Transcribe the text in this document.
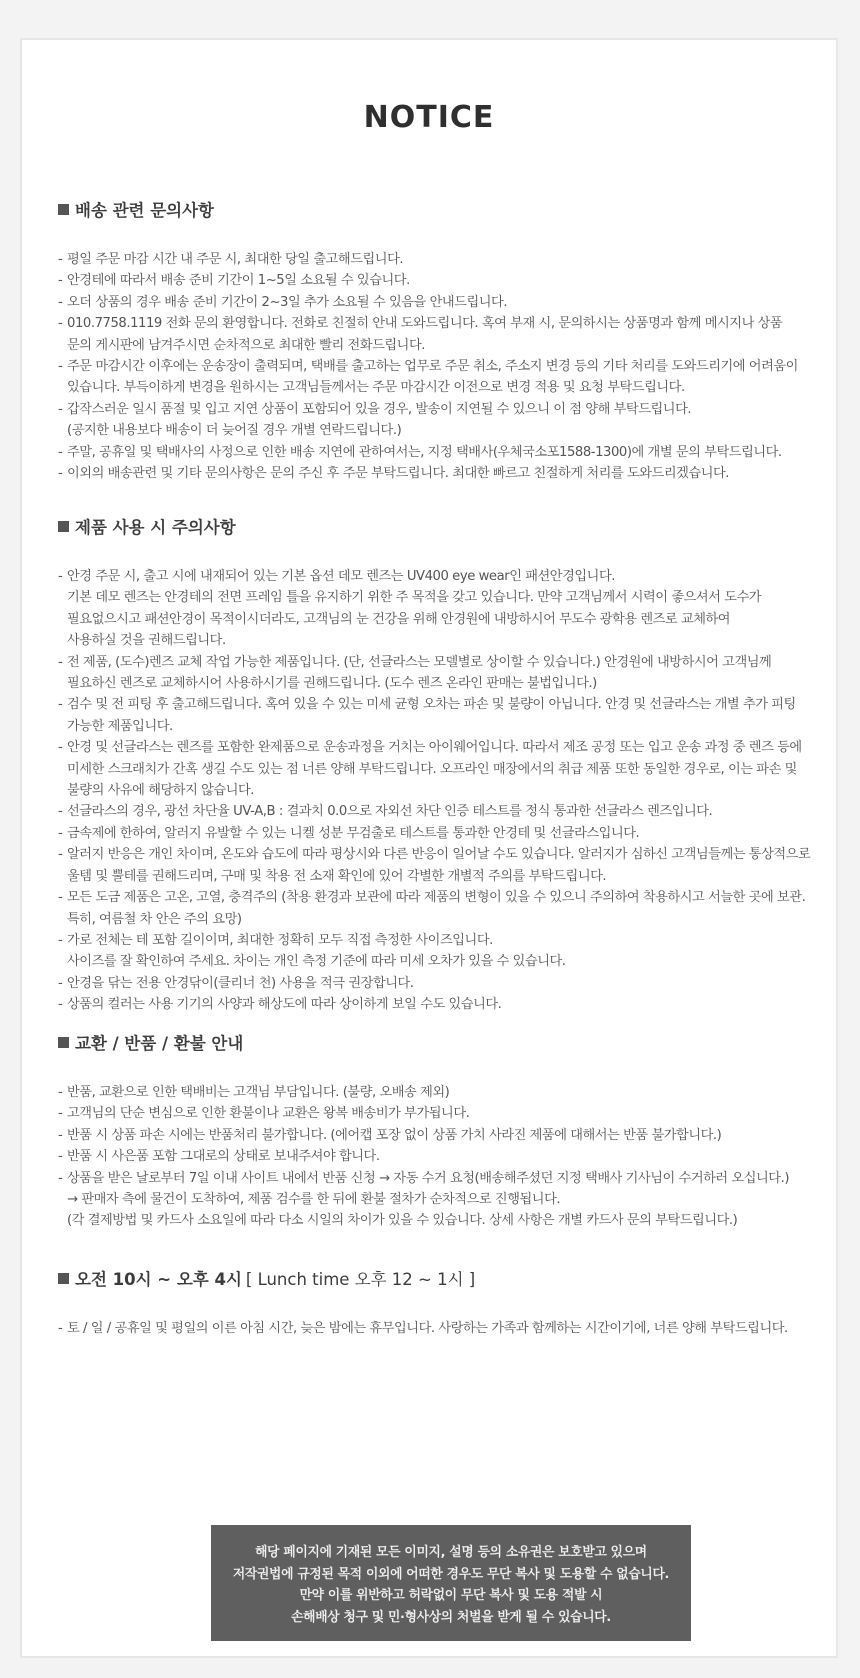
NOTICE
배송 관련 문의사항
- 평일 주문 마감 시간 내 주문 시, 최대한 당일 출고해드립니다.
- 안경테에 따라서 배송 준비 기간이 1~5일 소요될 수 있습니다.
- 오더 상품의 경우 배송 준비 기간이 2~3일 추가 소요될 수 있음을 안내드립니다.
- 010.7758.1119 전화 문의 환영합니다. 전화로 친절히 안내 도와드립니다. 혹여 부재 시, 문의하시는 상품명과 함께 메시지나 상품
문의 게시판에 남겨주시면 순차적으로 최대한 빨리 전화드립니다.
- 주문 마감시간 이후에는 운송장이 출력되며, 택배를 출고하는 업무로 주문 취소, 주소지 변경 등의 기타 처리를 도와드리기에 어려움이
있습니다. 부득이하게 변경을 원하시는 고객님들께서는 주문 마감시간 이전으로 변경 적용 및 요청 부탁드립니다.
- 갑작스러운 일시 품절 및 입고 지연 상품이 포함되어 있을 경우, 발송이 지연될 수 있으니 이 점 양해 부탁드립니다.
(공지한 내용보다 배송이 더 늦어질 경우 개별 연락드립니다.)
- 주말, 공휴일 및 택배사의 사정으로 인한 배송 지연에 관하여서는, 지정 택배사(우체국소포1588-1300)에 개별 문의 부탁드립니다.
- 이외의 배송관련 및 기타 문의사항은 문의 주신 후 주문 부탁드립니다. 최대한 빠르고 친절하게 처리를 도와드리겠습니다.
제품 사용 시 주의사항
- 안경 주문 시, 출고 시에 내재되어 있는 기본 옵션 데모 렌즈는 UV400 eye wear인 패션안경입니다.
기본 데모 렌즈는 안경테의 전면 프레임 틀을 유지하기 위한 주 목적을 갖고 있습니다. 만약 고객님께서 시력이 좋으셔서 도수가
필요없으시고 패션안경이 목적이시더라도, 고객님의 눈 건강을 위해 안경원에 내방하시어 무도수 광학용 렌즈로 교체하여
사용하실 것을 권해드립니다.
- 전 제품, (도수)렌즈 교체 작업 가능한 제품입니다. (단, 선글라스는 모델별로 상이할 수 있습니다.) 안경원에 내방하시어 고객님께
필요하신 렌즈로 교체하시어 사용하시기를 권해드립니다. (도수 렌즈 온라인 판매는 불법입니다.)
- 검수 및 전 피팅 후 출고해드립니다. 혹여 있을 수 있는 미세 균형 오차는 파손 및 불량이 아닙니다. 안경 및 선글라스는 개별 추가 피팅
가능한 제품입니다.
- 안경 및 선글라스는 렌즈를 포함한 완제품으로 운송과정을 거치는 아이웨어입니다. 따라서 제조 공정 또는 입고 운송 과정 중 렌즈 등에
미세한 스크래치가 간혹 생길 수도 있는 점 너른 양해 부탁드립니다. 오프라인 매장에서의 취급 제품 또한 동일한 경우로, 이는 파손 및
불량의 사유에 해당하지 않습니다.
- 선글라스의 경우, 광선 차단율 UV-A,B : 결과치 0.0으로 자외선 차단 인증 테스트를 정식 통과한 선글라스 렌즈입니다.
- 금속제에 한하여, 알러지 유발할 수 있는 니켈 성분 무검출로 테스트를 통과한 안경테 및 선글라스입니다.
- 알러지 반응은 개인 차이며, 온도와 습도에 따라 평상시와 다른 반응이 일어날 수도 있습니다. 알러지가 심하신 고객님들께는 통상적으로
울템 및 뿔테를 권해드리며, 구매 및 착용 전 소재 확인에 있어 각별한 개별적 주의를 부탁드립니다.
- 모든 도금 제품은 고온, 고열, 충격주의 (착용 환경과 보관에 따라 제품의 변형이 있을 수 있으니 주의하여 착용하시고 서늘한 곳에 보관.
특히, 여름철 차 안은 주의 요망)
- 가로 전체는 테 포함 길이이며, 최대한 정확히 모두 직접 측정한 사이즈입니다.
사이즈를 잘 확인하여 주세요. 차이는 개인 측정 기준에 따라 미세 오차가 있을 수 있습니다.
- 안경을 닦는 전용 안경닦이(클리너 천) 사용을 적극 권장합니다.
- 상품의 컬러는 사용 기기의 사양과 해상도에 따라 상이하게 보일 수도 있습니다.
교환 / 반품 / 환불 안내
- 반품, 교환으로 인한 택배비는 고객님 부담입니다. (불량, 오배송 제외)
- 고객님의 단순 변심으로 인한 환불이나 교환은 왕복 배송비가 부가됩니다.
- 반품 시 상품 파손 시에는 반품처리 불가합니다. (에어캡 포장 없이 상품 가치 사라진 제품에 대해서는 반품 불가합니다.)
- 반품 시 사은품 포함 그대로의 상태로 보내주셔야 합니다.
- 상품을 받은 날로부터 7일 이내 사이트 내에서 반품 신청 → 자동 수거 요청(배송해주셨던 지정 택배사 기사님이 수거하러 오십니다.)
→ 판매자 측에 물건이 도착하여, 제품 검수를 한 뒤에 환불 절차가 순차적으로 진행됩니다.
(각 결제방법 및 카드사 소요일에 따라 다소 시일의 차이가 있을 수 있습니다. 상세 사항은 개별 카드사 문의 부탁드립니다.)
오전 10시 ~ 오후 4시 [ Lunch time 오후 12 ~ 1시 ]
- 토 / 일 / 공휴일 및 평일의 이른 아침 시간, 늦은 밤에는 휴무입니다. 사랑하는 가족과 함께하는 시간이기에, 너른 양해 부탁드립니다.
해당 페이지에 기재된 모든 이미지, 설명 등의 소유권은 보호받고 있으며
저작권법에 규정된 목적 이외에 어떠한 경우도 무단 복사 및 도용할 수 없습니다.
만약 이를 위반하고 허락없이 무단 복사 및 도용 적발 시
손해배상 청구 및 민·형사상의 처벌을 받게 될 수 있습니다.
